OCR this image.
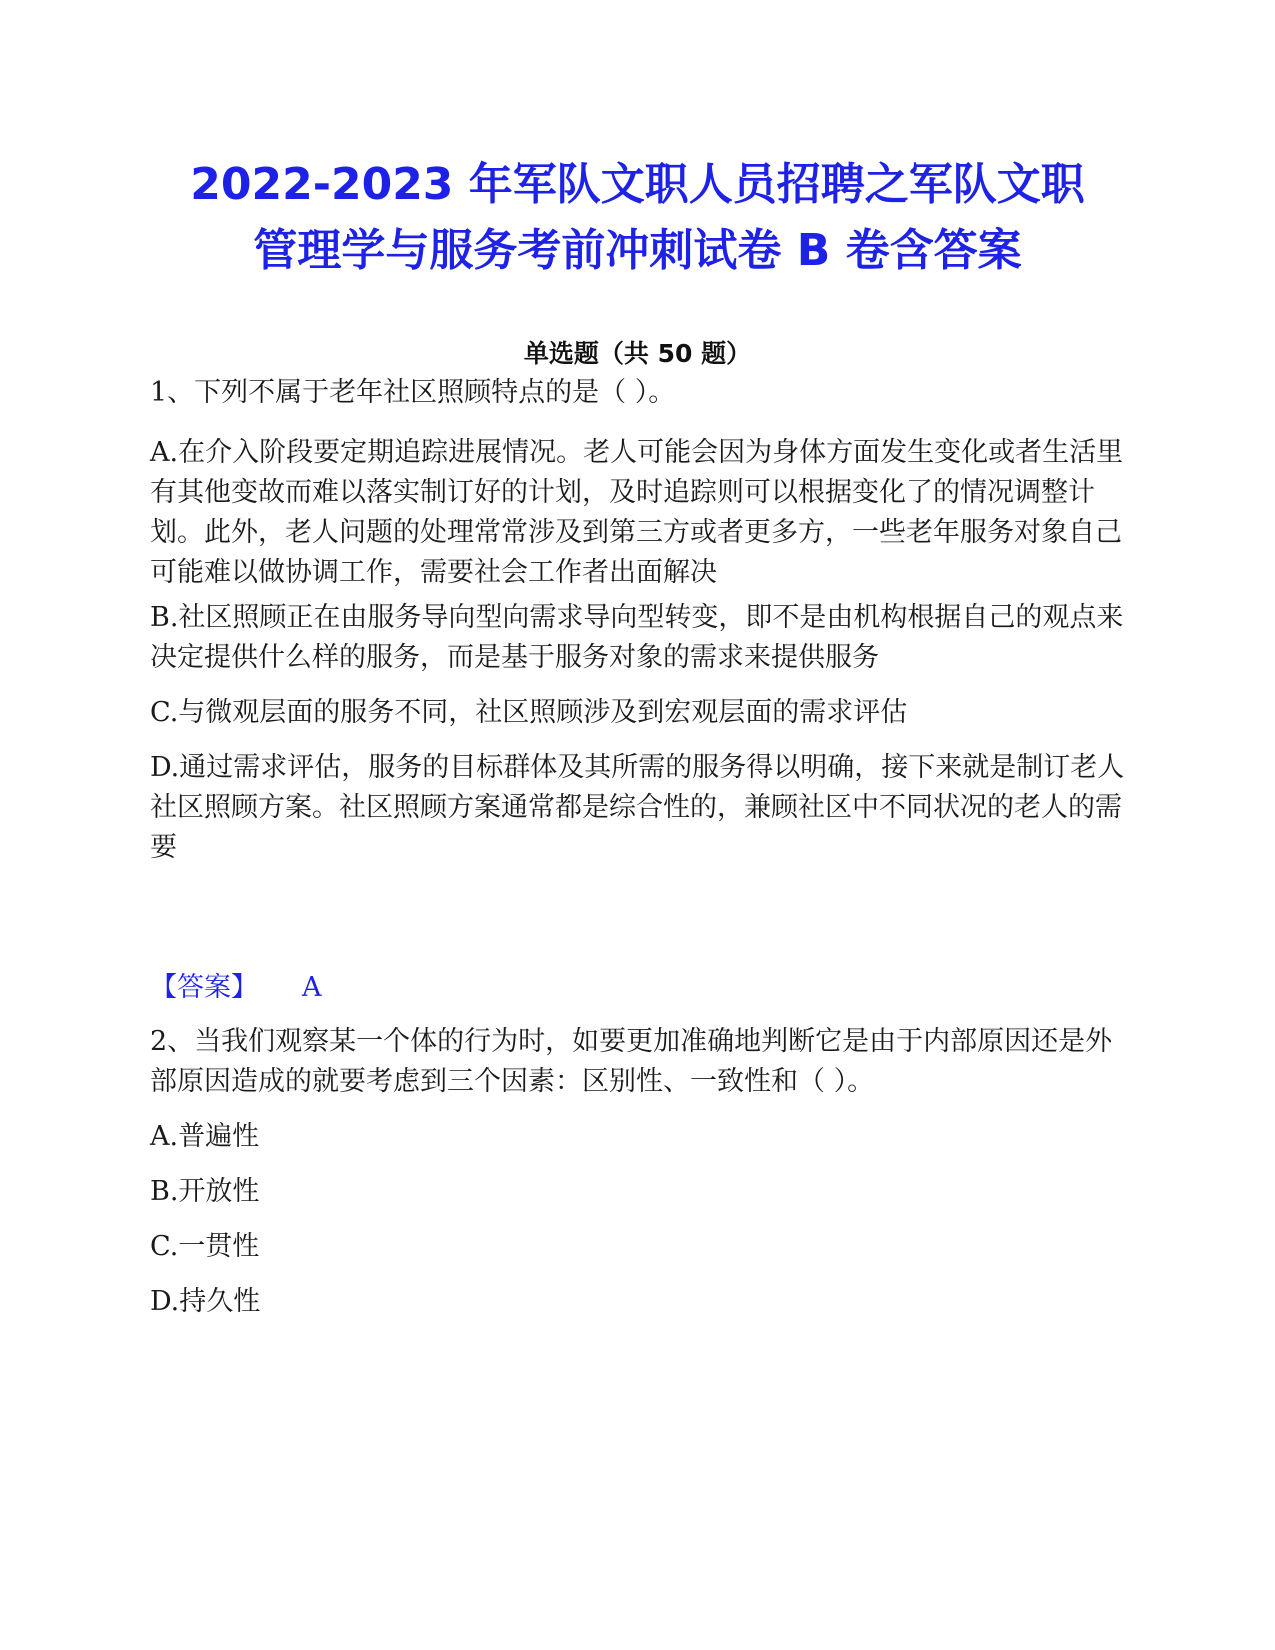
2022-2023 年军队文职人员招聘之军队文职
管理学与服务考前冲刺试卷 B 卷含答案
单选题（共 50 题）

1、下列不属于老年社区照顾特点的是（ ）。

A.在介入阶段要定期追踪进展情况。老人可能会因为身体方面发生变化或者生活里有其他变故而难以落实制订好的计划，及时追踪则可以根据变化了的情况调整计划。此外，老人问题的处理常常涉及到第三方或者更多方，一些老年服务对象自己可能难以做协调工作，需要社会工作者出面解决

B.社区照顾正在由服务导向型向需求导向型转变，即不是由机构根据自己的观点来决定提供什么样的服务，而是基于服务对象的需求来提供服务

C.与微观层面的服务不同，社区照顾涉及到宏观层面的需求评估

D.通过需求评估，服务的目标群体及其所需的服务得以明确，接下来就是制订老人社区照顾方案。社区照顾方案通常都是综合性的，兼顾社区中不同状况的老人的需要

【答案】 A

2、当我们观察某一个体的行为时，如要更加准确地判断它是由于内部原因还是外部原因造成的就要考虑到三个因素：区别性、一致性和（ ）。

A.普遍性

B.开放性

C.一贯性

D.持久性
